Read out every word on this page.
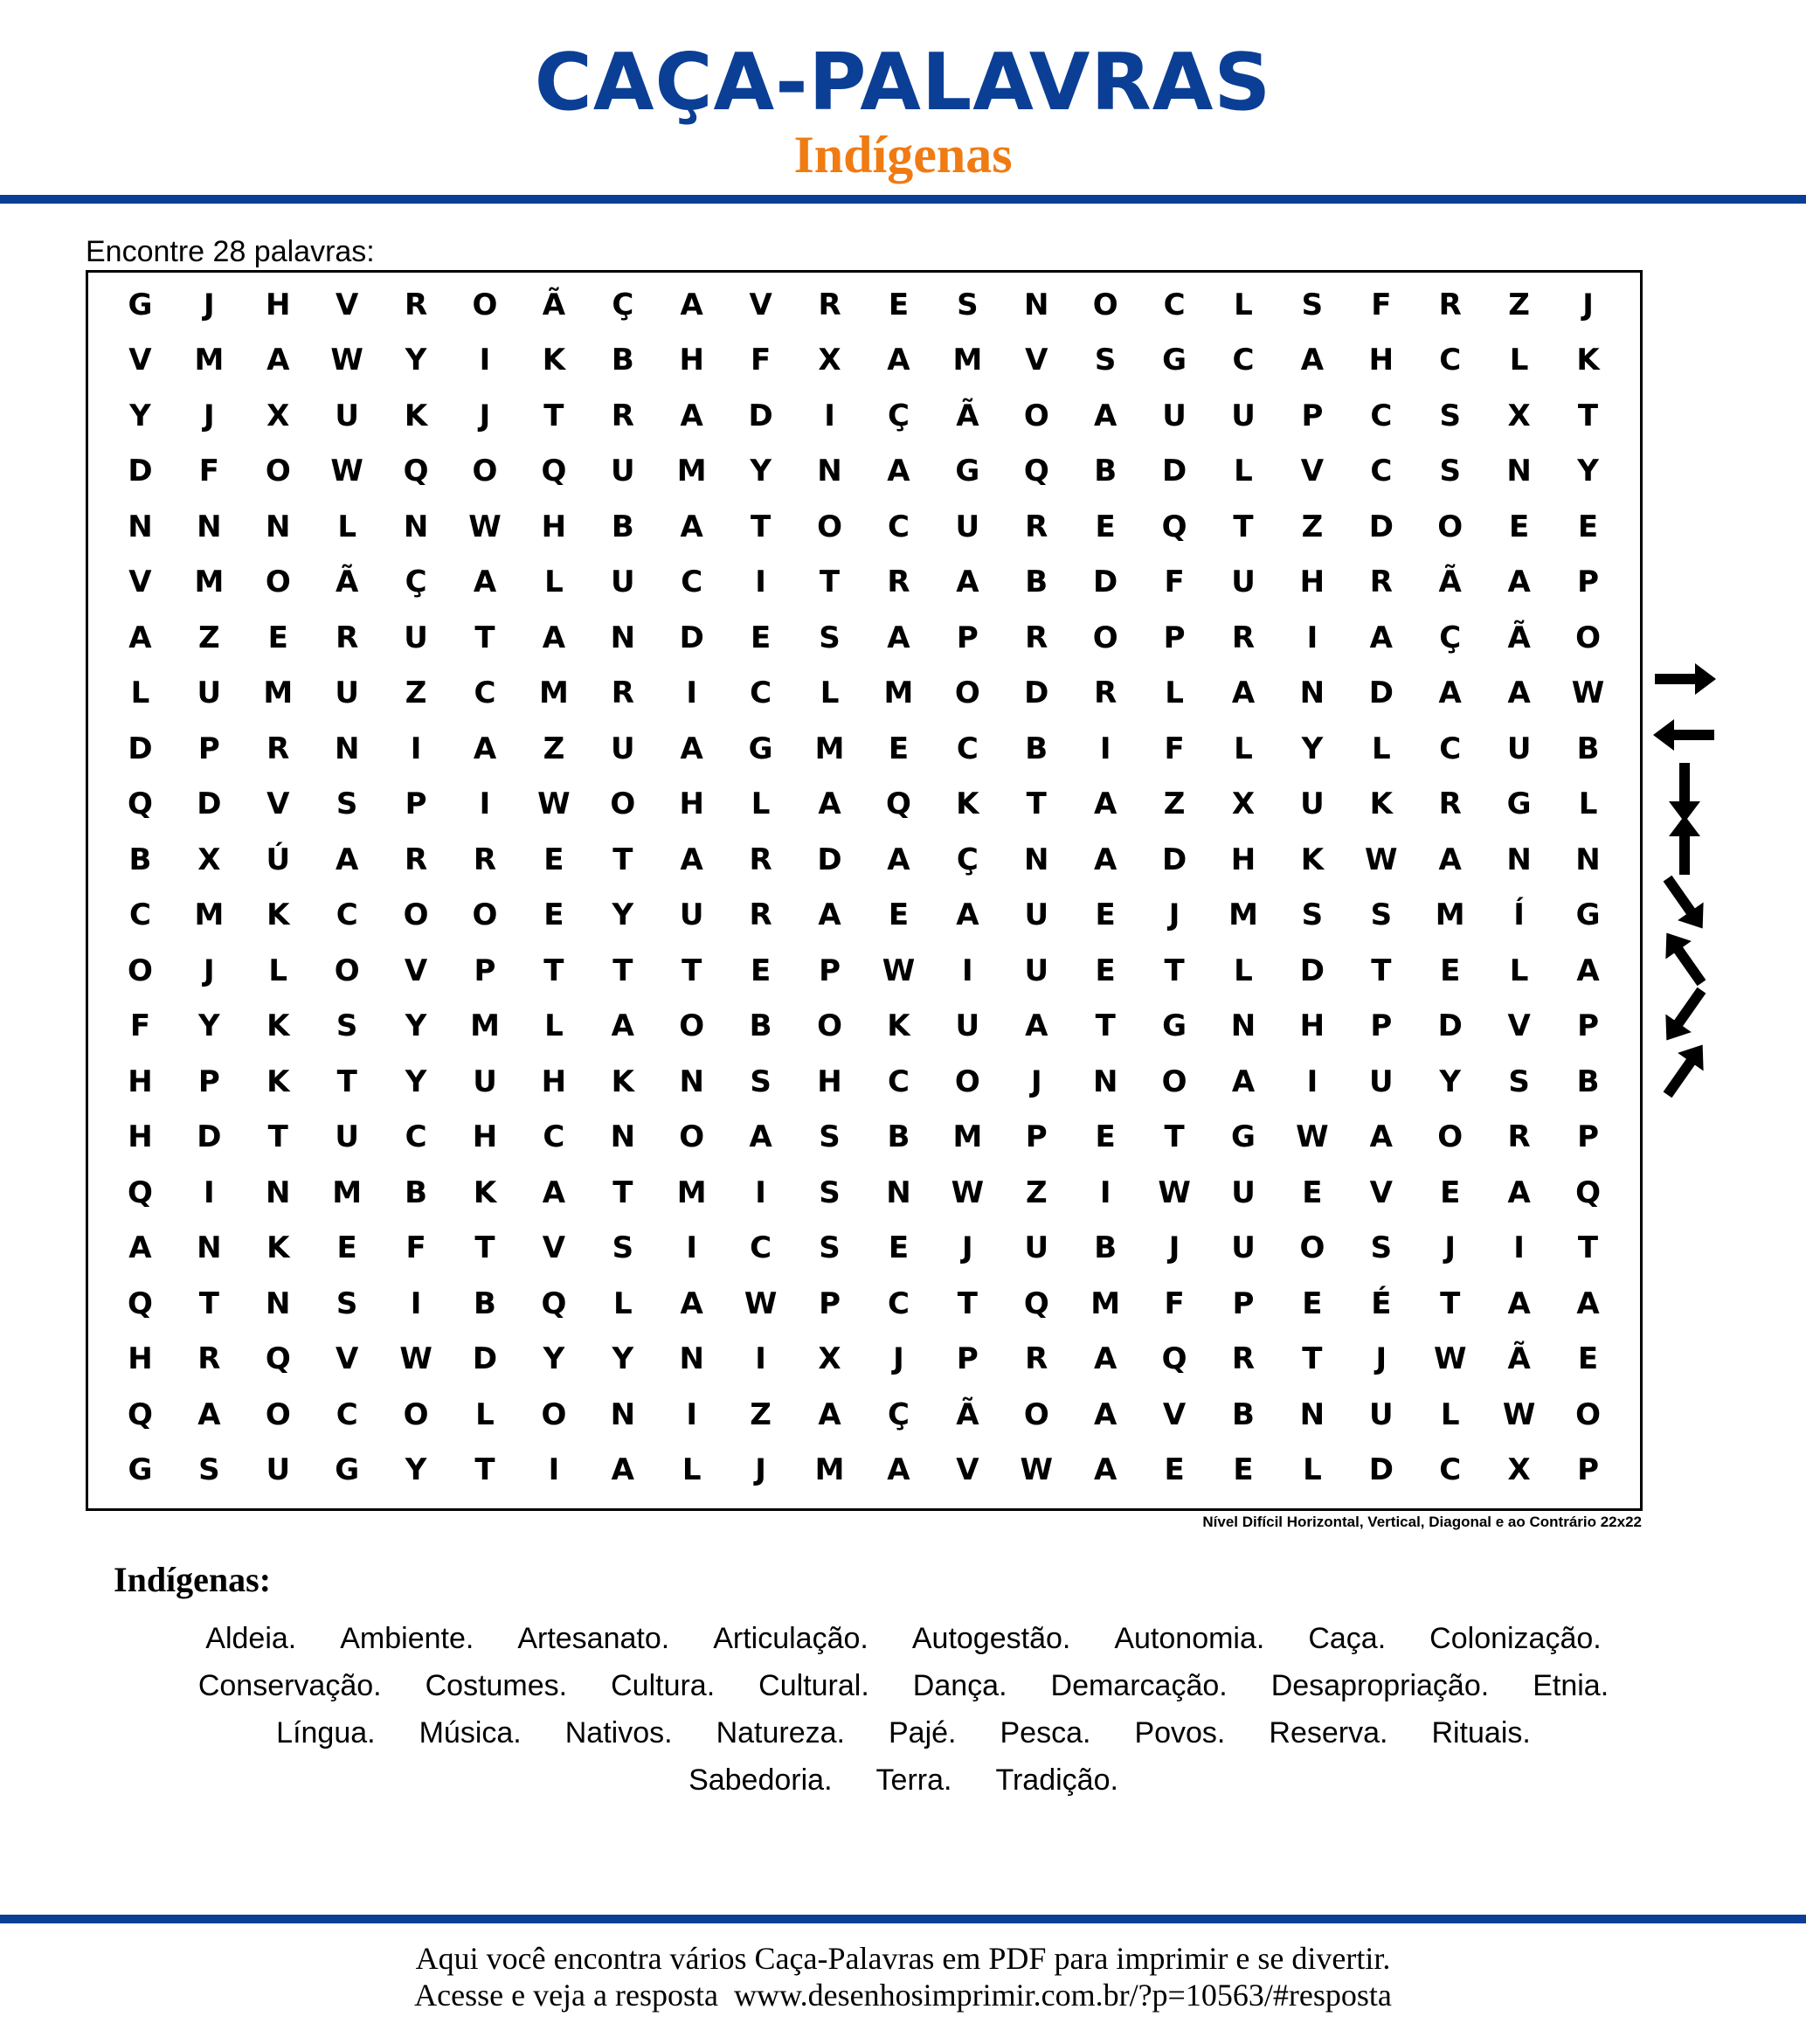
CAÇA-PALAVRAS
Indígenas
Encontre 28 palavras:
G	J	H	V	R	O	Ã	Ç	A	V	R	E	S	N	O	C	L	S	F	R	Z	J
V	M	A	W	Y	I	K	B	H	F	X	A	M	V	S	G	C	A	H	C	L	K
Y	J	X	U	K	J	T	R	A	D	I	Ç	Ã	O	A	U	U	P	C	S	X	T
D	F	O	W	Q	O	Q	U	M	Y	N	A	G	Q	B	D	L	V	C	S	N	Y
N	N	N	L	N	W	H	B	A	T	O	C	U	R	E	Q	T	Z	D	O	E	E
V	M	O	Ã	Ç	A	L	U	C	I	T	R	A	B	D	F	U	H	R	Ã	A	P
A	Z	E	R	U	T	A	N	D	E	S	A	P	R	O	P	R	I	A	Ç	Ã	O
L	U	M	U	Z	C	M	R	I	C	L	M	O	D	R	L	A	N	D	A	A	W
D	P	R	N	I	A	Z	U	A	G	M	E	C	B	I	F	L	Y	L	C	U	B
Q	D	V	S	P	I	W	O	H	L	A	Q	K	T	A	Z	X	U	K	R	G	L
B	X	Ú	A	R	R	E	T	A	R	D	A	Ç	N	A	D	H	K	W	A	N	N
C	M	K	C	O	O	E	Y	U	R	A	E	A	U	E	J	M	S	S	M	Í	G
O	J	L	O	V	P	T	T	T	E	P	W	I	U	E	T	L	D	T	E	L	A
F	Y	K	S	Y	M	L	A	O	B	O	K	U	A	T	G	N	H	P	D	V	P
H	P	K	T	Y	U	H	K	N	S	H	C	O	J	N	O	A	I	U	Y	S	B
H	D	T	U	C	H	C	N	O	A	S	B	M	P	E	T	G	W	A	O	R	P
Q	I	N	M	B	K	A	T	M	I	S	N	W	Z	I	W	U	E	V	E	A	Q
A	N	K	E	F	T	V	S	I	C	S	E	J	U	B	J	U	O	S	J	I	T
Q	T	N	S	I	B	Q	L	A	W	P	C	T	Q	M	F	P	E	É	T	A	A
H	R	Q	V	W	D	Y	Y	N	I	X	J	P	R	A	Q	R	T	J	W	Ã	E
Q	A	O	C	O	L	O	N	I	Z	A	Ç	Ã	O	A	V	B	N	U	L	W	O
G	S	U	G	Y	T	I	A	L	J	M	A	V	W	A	E	E	L	D	C	X	P
Nível Difícil Horizontal, Vertical, Diagonal e ao Contrário 22x22
Indígenas:
Aldeia. Ambiente. Artesanato. Articulação. Autogestão. Autonomia. Caça. Colonização.
Conservação. Costumes. Cultura. Cultural. Dança. Demarcação. Desapropriação. Etnia.
Língua. Música. Nativos. Natureza. Pajé. Pesca. Povos. Reserva. Rituais.
Sabedoria. Terra. Tradição.
Aqui você encontra vários Caça-Palavras em PDF para imprimir e se divertir.
Acesse e veja a resposta  www.desenhosimprimir.com.br/?p=10563/#resposta
